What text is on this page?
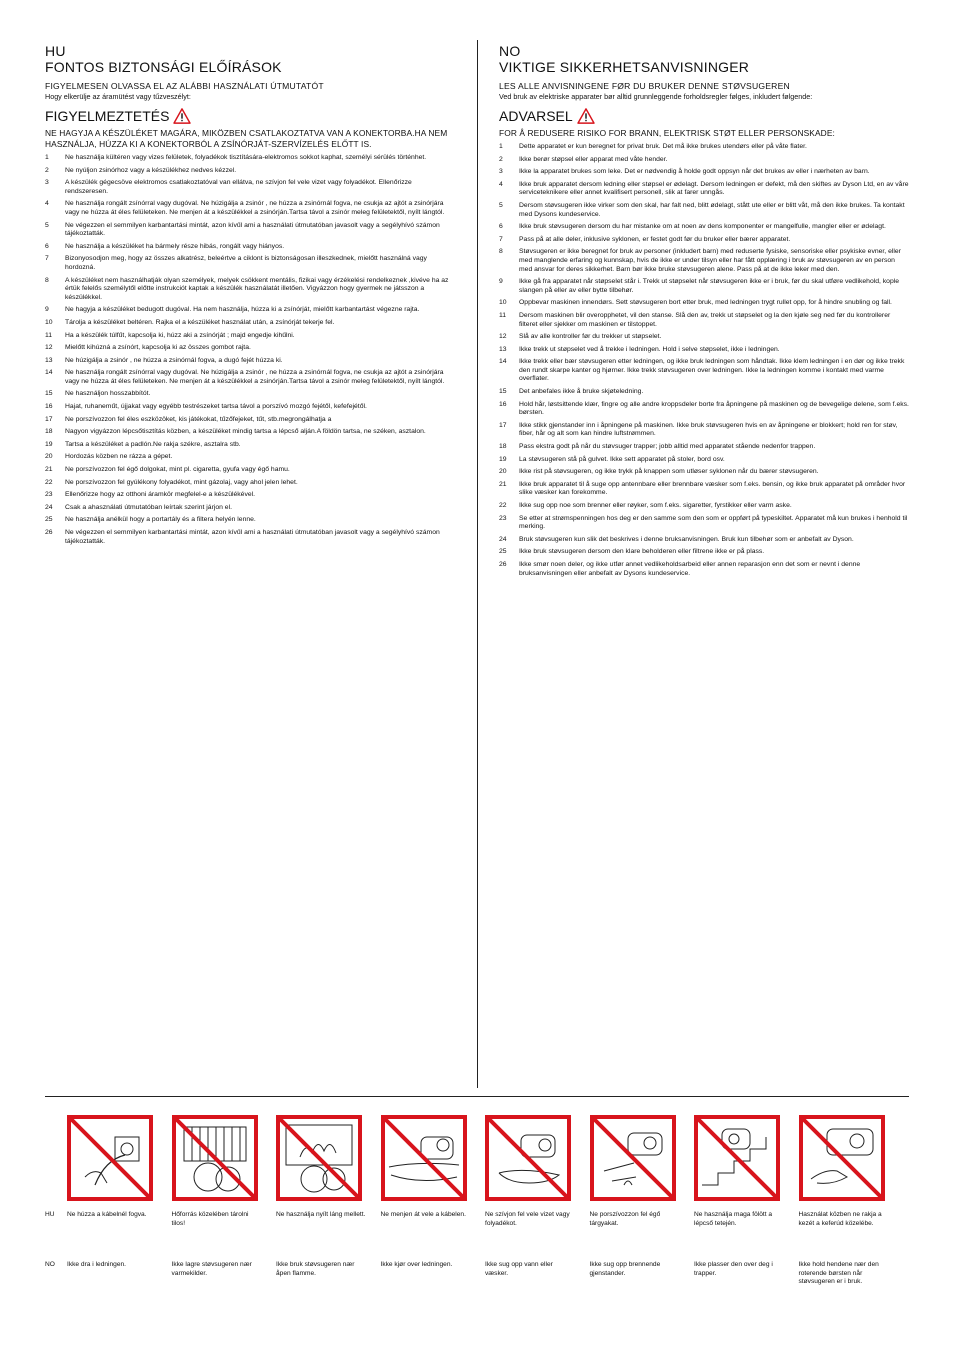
HU
FONTOS BIZTONSÁGI ELŐÍRÁSOK
FIGYELMESEN OLVASSA EL AZ ALÁBBI HASZNÁLATI ÚTMUTATÓT
Hogy elkerülje az áramütést vagy tűzveszélyt:
FIGYELMEZTETÉS
NE HAGYJA A KÉSZÜLÉKET MAGÁRA, MIKÖZBEN CSATLAKOZTATVA VAN A KONEKTORBA.HA NEM HASZNÁLJA, HÚZZA KI A KONEKTORBÓL A ZSÍNÓRJÁT-SZERVÍZELÉS ELŐTT IS.
1	Ne használja kültéren vagy vizes felületek, folyadékok tisztítására-elektromos sokkot kaphat, személyi sérülés történhet.
2	Ne nyúljon zsinórhoz vagy a készülékhez nedves kézzel.
3	A készülék gégecsöve elektromos csatlakoztatóval van ellátva, ne szívjon fel vele vizet vagy folyadékot. Ellenőrizze rendszeresen.
4	Ne használja rongált zsínórral vagy dugóval. Ne húzigálja a zsinór , ne húzza a zsinórnál fogva, ne csukja az ajtót a zsinórjára vagy ne húzza át éles felületeken. Ne menjen át a készülékkel a zsinórján.Tartsa távol a zsinór meleg felületektől, nyílt lángtól.
5	Ne végezzen el semmilyen karbantartási mintát, azon kívűl ami a használati útmutatóban javasolt vagy a segélyhívó számon tájékoztatták.
6	Ne használja a készüléket ha bármely része hibás, rongált vagy hiányos.
7	Bizonyosodjon meg, hogy az összes alkatrész, beleértve a ciklont is biztonságosan illeszkednek, mielőtt használná vagy hordozná.
8	A készüléket nem használhatják olyan személyek, melyek csökkent mentális, fizikai vagy érzékelési rendelkeznek ,kivéve ha az értük felelős személytől előtte instrukciót kaptak a készülék használatát illetően. Vigyázzon hogy gyermek ne játsszon a készülékkel.
9	Ne hagyja a készüléket bedugott dugóval. Ha nem használja, húzza ki a zsínórját, mielőtt karbantartást végezne rajta.
10	Tárolja a készüléket beltéren. Rajka el a készüléket használat után, a zsínórját tekerje fel.
11	Ha a készülék túlfűt, kapcsolja ki, húzz aki a zsínórját ; majd engedje kihűlni.
12	Mielőtt kihúzná a zsínórt, kapcsolja ki az összes gombot rajta.
13	Ne húzigálja a zsinór , ne húzza a zsinórnál fogva, a dugó fejét húzza ki.
14	Ne használja rongált zsínórral vagy dugóval. Ne húzigálja a zsinór , ne húzza a zsinórnál fogva, ne csukja az ajtót a zsinórjára vagy ne húzza át éles felületeken. Ne menjen át a készülékkel a zsinórján.Tartsa távol a zsinór meleg felületektől, nyílt lángtól.
15	Ne használjon hosszabbítót.
16	Hajat, ruhaneműt, újjakat vagy egyébb testrészeket tartsa távol a porszívó mozgó fejétől, kefefejétől.
17	Ne porszívozzon fel éles eszközöket, kis játékokat, tűzőfejeket, tűt, stb.megrongálhatja a
18	Nagyon vigyázzon lépcsőtisztítás közben, a készüléket mindig tartsa a lépcső alján.A földön tartsa, ne széken, asztalon.
19	Tartsa a készüléket a padlón.Ne rakja székre, asztalra stb.
20	Hordozás közben ne rázza a gépet.
21	Ne porszívozzon fel égő dolgokat, mint pl. cigaretta, gyufa vagy égő hamu.
22	Ne porszívozzon fel gyúlékony folyadékot, mint gázolaj, vagy ahol jelen lehet.
23	Ellenőrizze hogy az otthoni áramkör megfelel-e a készülékével.
24	Csak a ahasználati útmutatóban leírtak szerint járjon el.
25	Ne használja anélkül hogy a portartály és a filtera helyén lenne.
26	Ne végezzen el semmilyen karbantartási mintát, azon kívűl ami a használati útmutatóban javasolt vagy a segélyhívó számon tájékoztatták.
NO
VIKTIGE SIKKERHETSANVISNINGER
LES ALLE ANVISNINGENE FØR DU BRUKER DENNE STØVSUGEREN
Ved bruk av elektriske apparater bør alltid grunnleggende forholdsregler følges, inkludert følgende:
ADVARSEL
FOR Å REDUSERE RISIKO FOR BRANN, ELEKTRISK STØT ELLER PERSONSKADE:
1	Dette apparatet er kun beregnet for privat bruk. Det må ikke brukes utendørs eller på våte flater.
2	Ikke berør støpsel eller apparat med våte hender.
3	Ikke la apparatet brukes som leke. Det er nødvendig å holde godt oppsyn når det brukes av eller i nærheten av barn.
4	Ikke bruk apparatet dersom ledning eller støpsel er ødelagt. Dersom ledningen er defekt, må den skiftes av Dyson Ltd, en av våre serviceteknikere eller annet kvalifisert personell, slik at farer unngås.
5	Dersom støvsugeren ikke virker som den skal, har falt ned, blitt ødelagt, stått ute eller er blitt våt, må den ikke brukes. Ta kontakt med Dysons kundeservice.
6	Ikke bruk støvsugeren dersom du har mistanke om at noen av dens komponenter er mangelfulle, mangler eller er ødelagt.
7	Pass på at alle deler, inklusive syklonen, er festet godt før du bruker eller bærer apparatet.
8	Støvsugeren er ikke beregnet for bruk av personer (inkludert barn) med reduserte fysiske, sensoriske eller psykiske evner, eller med manglende erfaring og kunnskap, hvis de ikke er under tilsyn eller har fått opplæring i bruk av støvsugeren av en person med ansvar for deres sikkerhet. Barn bør ikke bruke støvsugeren alene. Pass på at de ikke leker med den.
9	Ikke gå fra apparatet når støpselet står i. Trekk ut støpselet når støvsugeren ikke er i bruk, før du skal utføre vedlikehold, kople slangen på eller av eller bytte tilbehør.
10	Oppbevar maskinen innendørs. Sett støvsugeren bort etter bruk, med ledningen trygt rullet opp, for å hindre snubling og fall.
11	Dersom maskinen blir overopphetet, vil den stanse. Slå den av, trekk ut støpselet og la den kjøle seg ned før du kontrollerer filteret eller sjekker om maskinen er tilstoppet.
12	Slå av alle kontroller før du trekker ut støpselet.
13	Ikke trekk ut støpselet ved å trekke i ledningen. Hold i selve støpselet, ikke i ledningen.
14	Ikke trekk eller bær støvsugeren etter ledningen, og ikke bruk ledningen som håndtak. Ikke klem ledningen i en dør og ikke trekk den rundt skarpe kanter og hjørner. Ikke trekk støvsugeren over ledningen. Ikke la ledningen komme i kontakt med varme overflater.
15	Det anbefales ikke å bruke skjøteledning.
16	Hold hår, løstsittende klær, fingre og alle andre kroppsdeler borte fra åpningene på maskinen og de bevegelige delene, som f.eks. børsten.
17	Ikke stikk gjenstander inn i åpningene på maskinen. Ikke bruk støvsugeren hvis en av åpningene er blokkert; hold ren for støv, fiber, hår og alt som kan hindre luftstrømmen.
18	Pass ekstra godt på når du støvsuger trapper; jobb alltid med apparatet stående nedenfor trappen.
19	La støvsugeren stå på gulvet. Ikke sett apparatet på stoler, bord osv.
20	Ikke rist på støvsugeren, og ikke trykk på knappen som utløser syklonen når du bærer støvsugeren.
21	Ikke bruk apparatet til å suge opp antennbare eller brennbare væsker som f.eks. bensin, og ikke bruk apparatet på områder hvor slike væsker kan forekomme.
22	Ikke sug opp noe som brenner eller røyker, som f.eks. sigaretter, fyrstikker eller varm aske.
23	Se etter at strømspenningen hos deg er den samme som den som er oppført på typeskiltet. Apparatet må kun brukes i henhold til merking.
24	Bruk støvsugeren kun slik det beskrives i denne bruksanvisningen. Bruk kun tilbehør som er anbefalt av Dyson.
25	Ikke bruk støvsugeren dersom den klare beholderen eller filtrene ikke er på plass.
26	Ikke smør noen deler, og ikke utfør annet vedlikeholdsarbeid eller annen reparasjon enn det som er nevnt i denne bruksanvisningen eller anbefalt av Dysons kundeservice.
HU
NO
Ne húzza a kábelnél fogva.
Ikke dra i ledningen.
Hőforrás közelében tárolni tilos!
Ikke lagre støvsugeren nær varmekilder.
Ne használja nyílt láng mellett.
Ikke bruk støvsugeren nær åpen flamme.
Ne menjen át vele a kábelen.
Ikke kjør over ledningen.
Ne szívjon fel vele vizet vagy folyadékot.
Ikke sug opp vann eller væsker.
Ne porszívozzon fel égő tárgyakat.
Ikke sug opp brennende gjenstander.
Ne használja maga fölött a lépcső tetején.
Ikke plasser den over deg i trapper.
Használat közben ne rakja a kezét a keferúd közelébe.
Ikke hold hendene nær den roterende børsten når støvsugeren er i bruk.
